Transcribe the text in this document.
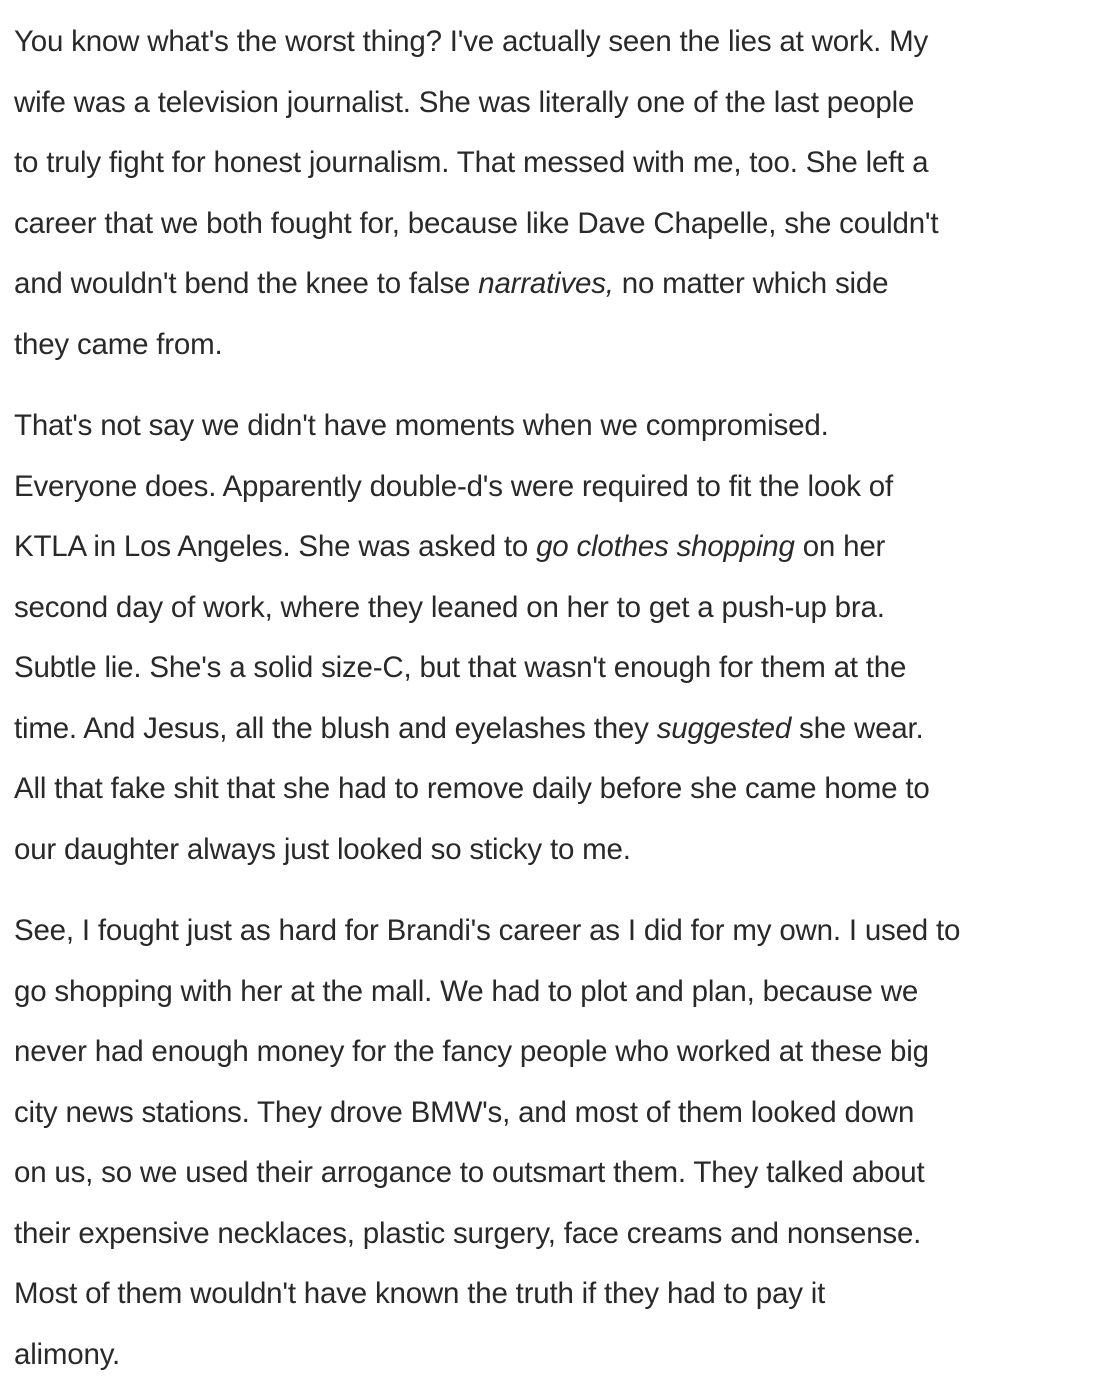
You know what's the worst thing? I've actually seen the lies at work. My
wife was a television journalist. She was literally one of the last people
to truly fight for honest journalism. That messed with me, too. She left a
career that we both fought for, because like Dave Chapelle, she couldn't
and wouldn't bend the knee to false narratives, no matter which side
they came from.

That's not say we didn't have moments when we compromised.
Everyone does. Apparently double-d's were required to fit the look of
KTLA in Los Angeles. She was asked to go clothes shopping on her
second day of work, where they leaned on her to get a push-up bra.
Subtle lie. She's a solid size-C, but that wasn't enough for them at the
time. And Jesus, all the blush and eyelashes they suggested she wear.
All that fake shit that she had to remove daily before she came home to
our daughter always just looked so sticky to me.

See, I fought just as hard for Brandi's career as I did for my own. I used to
go shopping with her at the mall. We had to plot and plan, because we
never had enough money for the fancy people who worked at these big
city news stations. They drove BMW's, and most of them looked down
on us, so we used their arrogance to outsmart them. They talked about
their expensive necklaces, plastic surgery, face creams and nonsense.
Most of them wouldn't have known the truth if they had to pay it
alimony.
